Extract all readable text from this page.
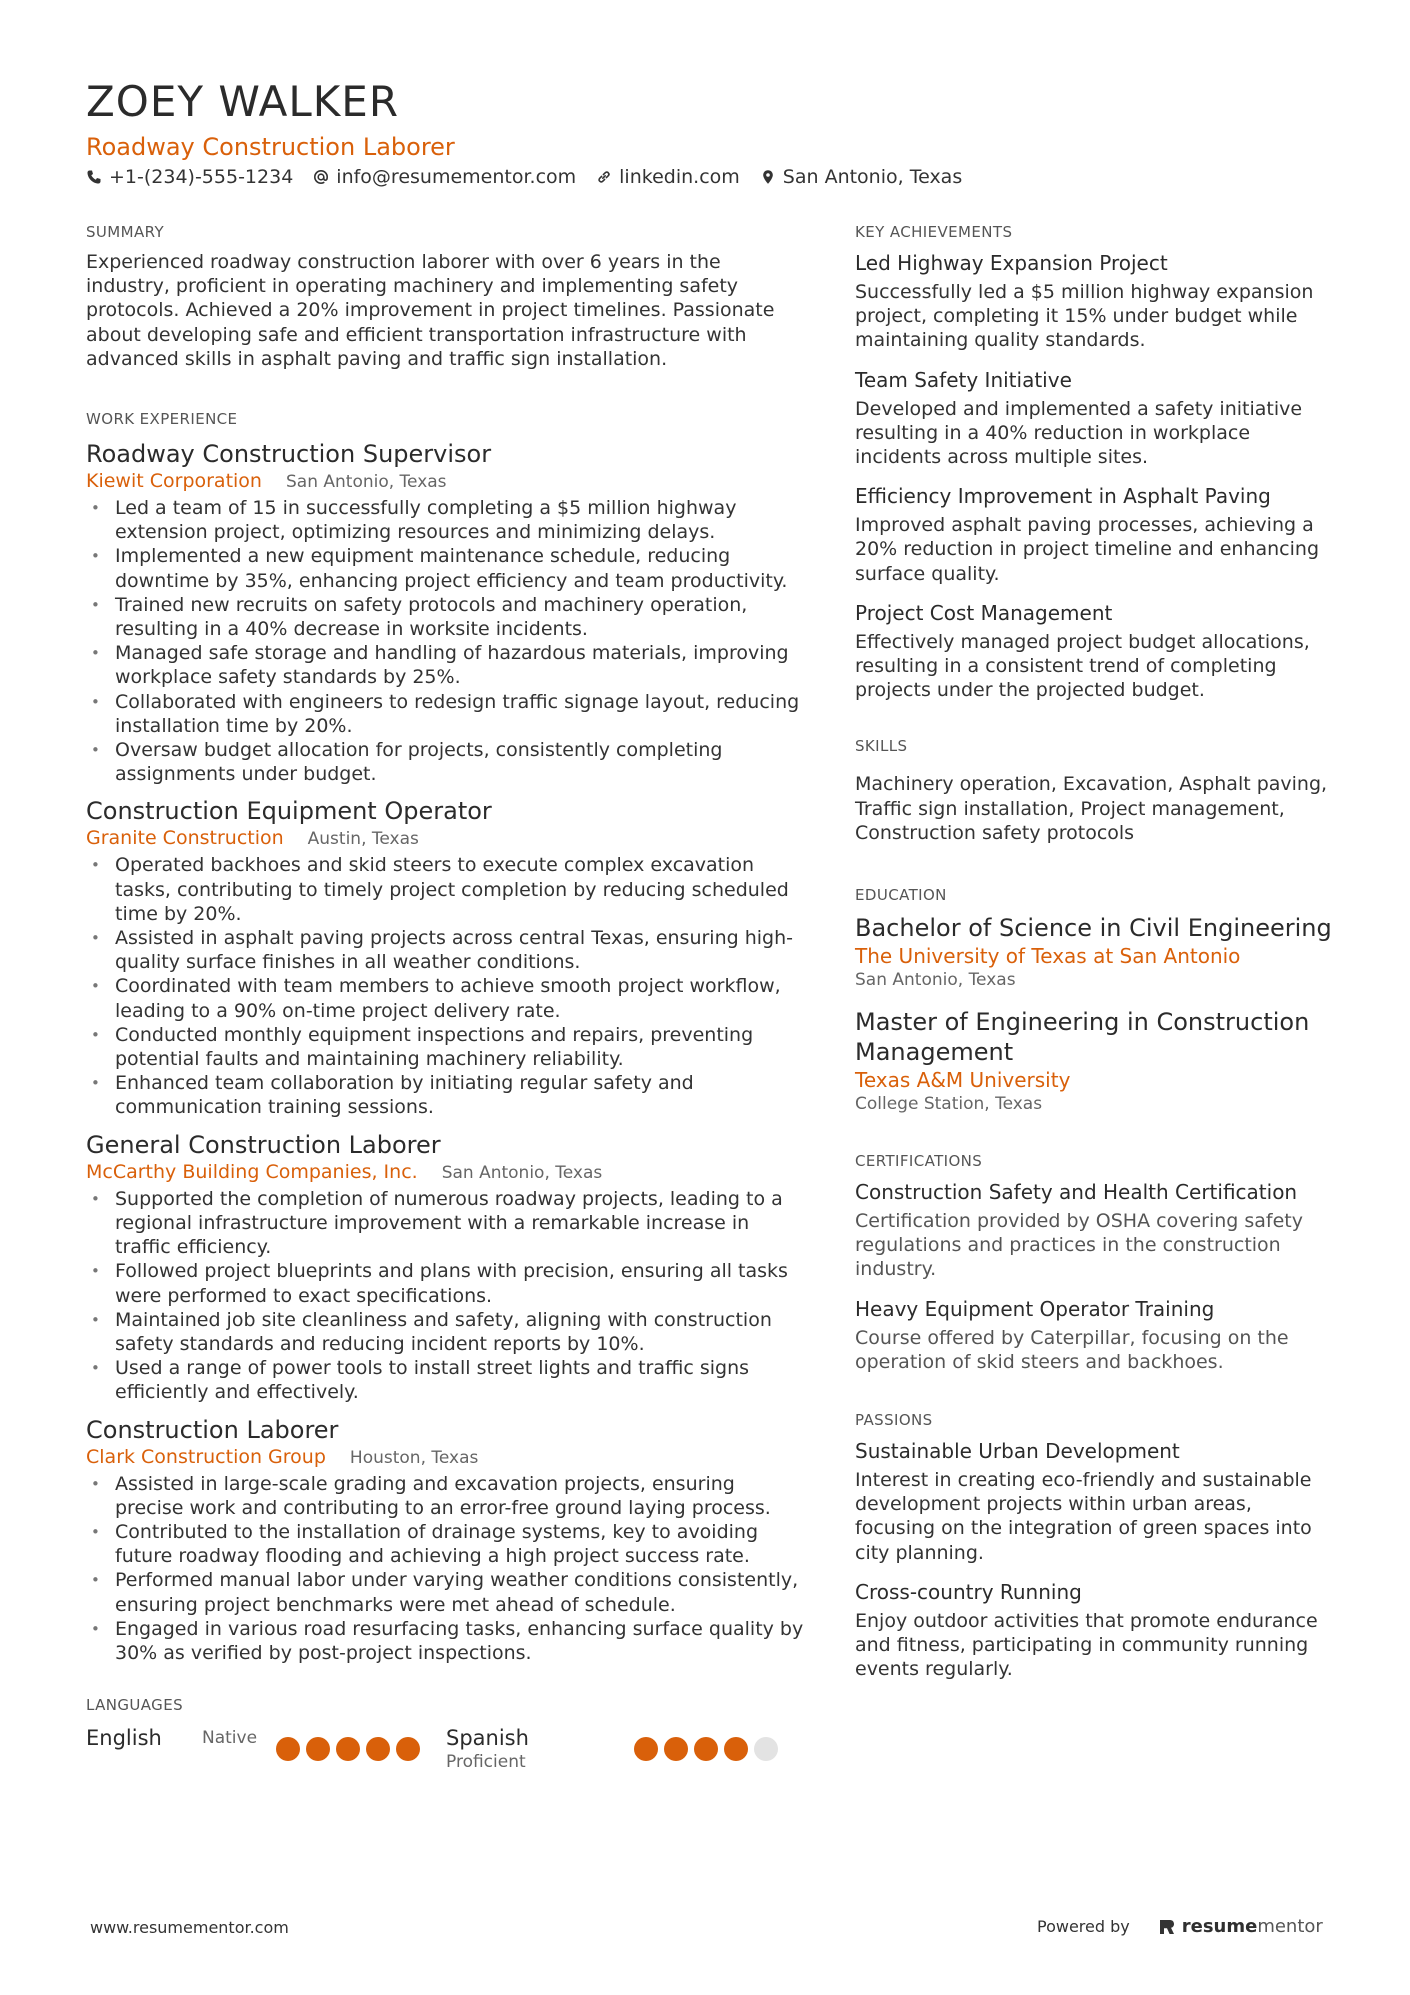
ZOEY WALKER
Roadway Construction Laborer
+1-(234)-555-1234 info@resumementor.com linkedin.com San Antonio, Texas
SUMMARY
Experienced roadway construction laborer with over 6 years in the industry, proficient in operating machinery and implementing safety protocols. Achieved a 20% improvement in project timelines. Passionate about developing safe and efficient transportation infrastructure with advanced skills in asphalt paving and traffic sign installation.
WORK EXPERIENCE
Roadway Construction Supervisor
Kiewit Corporation San Antonio, Texas
• Led a team of 15 in successfully completing a $5 million highway extension project, optimizing resources and minimizing delays.
• Implemented a new equipment maintenance schedule, reducing downtime by 35%, enhancing project efficiency and team productivity.
• Trained new recruits on safety protocols and machinery operation, resulting in a 40% decrease in worksite incidents.
• Managed safe storage and handling of hazardous materials, improving workplace safety standards by 25%.
• Collaborated with engineers to redesign traffic signage layout, reducing installation time by 20%.
• Oversaw budget allocation for projects, consistently completing assignments under budget.
Construction Equipment Operator
Granite Construction Austin, Texas
• Operated backhoes and skid steers to execute complex excavation tasks, contributing to timely project completion by reducing scheduled time by 20%.
• Assisted in asphalt paving projects across central Texas, ensuring high-quality surface finishes in all weather conditions.
• Coordinated with team members to achieve smooth project workflow, leading to a 90% on-time project delivery rate.
• Conducted monthly equipment inspections and repairs, preventing potential faults and maintaining machinery reliability.
• Enhanced team collaboration by initiating regular safety and communication training sessions.
General Construction Laborer
McCarthy Building Companies, Inc. San Antonio, Texas
• Supported the completion of numerous roadway projects, leading to a regional infrastructure improvement with a remarkable increase in traffic efficiency.
• Followed project blueprints and plans with precision, ensuring all tasks were performed to exact specifications.
• Maintained job site cleanliness and safety, aligning with construction safety standards and reducing incident reports by 10%.
• Used a range of power tools to install street lights and traffic signs efficiently and effectively.
Construction Laborer
Clark Construction Group Houston, Texas
• Assisted in large-scale grading and excavation projects, ensuring precise work and contributing to an error-free ground laying process.
• Contributed to the installation of drainage systems, key to avoiding future roadway flooding and achieving a high project success rate.
• Performed manual labor under varying weather conditions consistently, ensuring project benchmarks were met ahead of schedule.
• Engaged in various road resurfacing tasks, enhancing surface quality by 30% as verified by post-project inspections.
LANGUAGES
English	Native	Spanish
Proficient
KEY ACHIEVEMENTS
Led Highway Expansion Project
Successfully led a $5 million highway expansion project, completing it 15% under budget while maintaining quality standards.
Team Safety Initiative
Developed and implemented a safety initiative resulting in a 40% reduction in workplace incidents across multiple sites.
Efficiency Improvement in Asphalt Paving
Improved asphalt paving processes, achieving a 20% reduction in project timeline and enhancing surface quality.
Project Cost Management
Effectively managed project budget allocations, resulting in a consistent trend of completing projects under the projected budget.
SKILLS
Machinery operation, Excavation, Asphalt paving, Traffic sign installation, Project management, Construction safety protocols
EDUCATION
Bachelor of Science in Civil Engineering
The University of Texas at San Antonio
San Antonio, Texas
Master of Engineering in Construction Management
Texas A&M University
College Station, Texas
CERTIFICATIONS
Construction Safety and Health Certification
Certification provided by OSHA covering safety regulations and practices in the construction industry.
Heavy Equipment Operator Training
Course offered by Caterpillar, focusing on the operation of skid steers and backhoes.
PASSIONS
Sustainable Urban Development
Interest in creating eco-friendly and sustainable development projects within urban areas, focusing on the integration of green spaces into city planning.
Cross-country Running
Enjoy outdoor activities that promote endurance and fitness, participating in community running events regularly.
www.resumementor.com	Powered by	resume mentor
